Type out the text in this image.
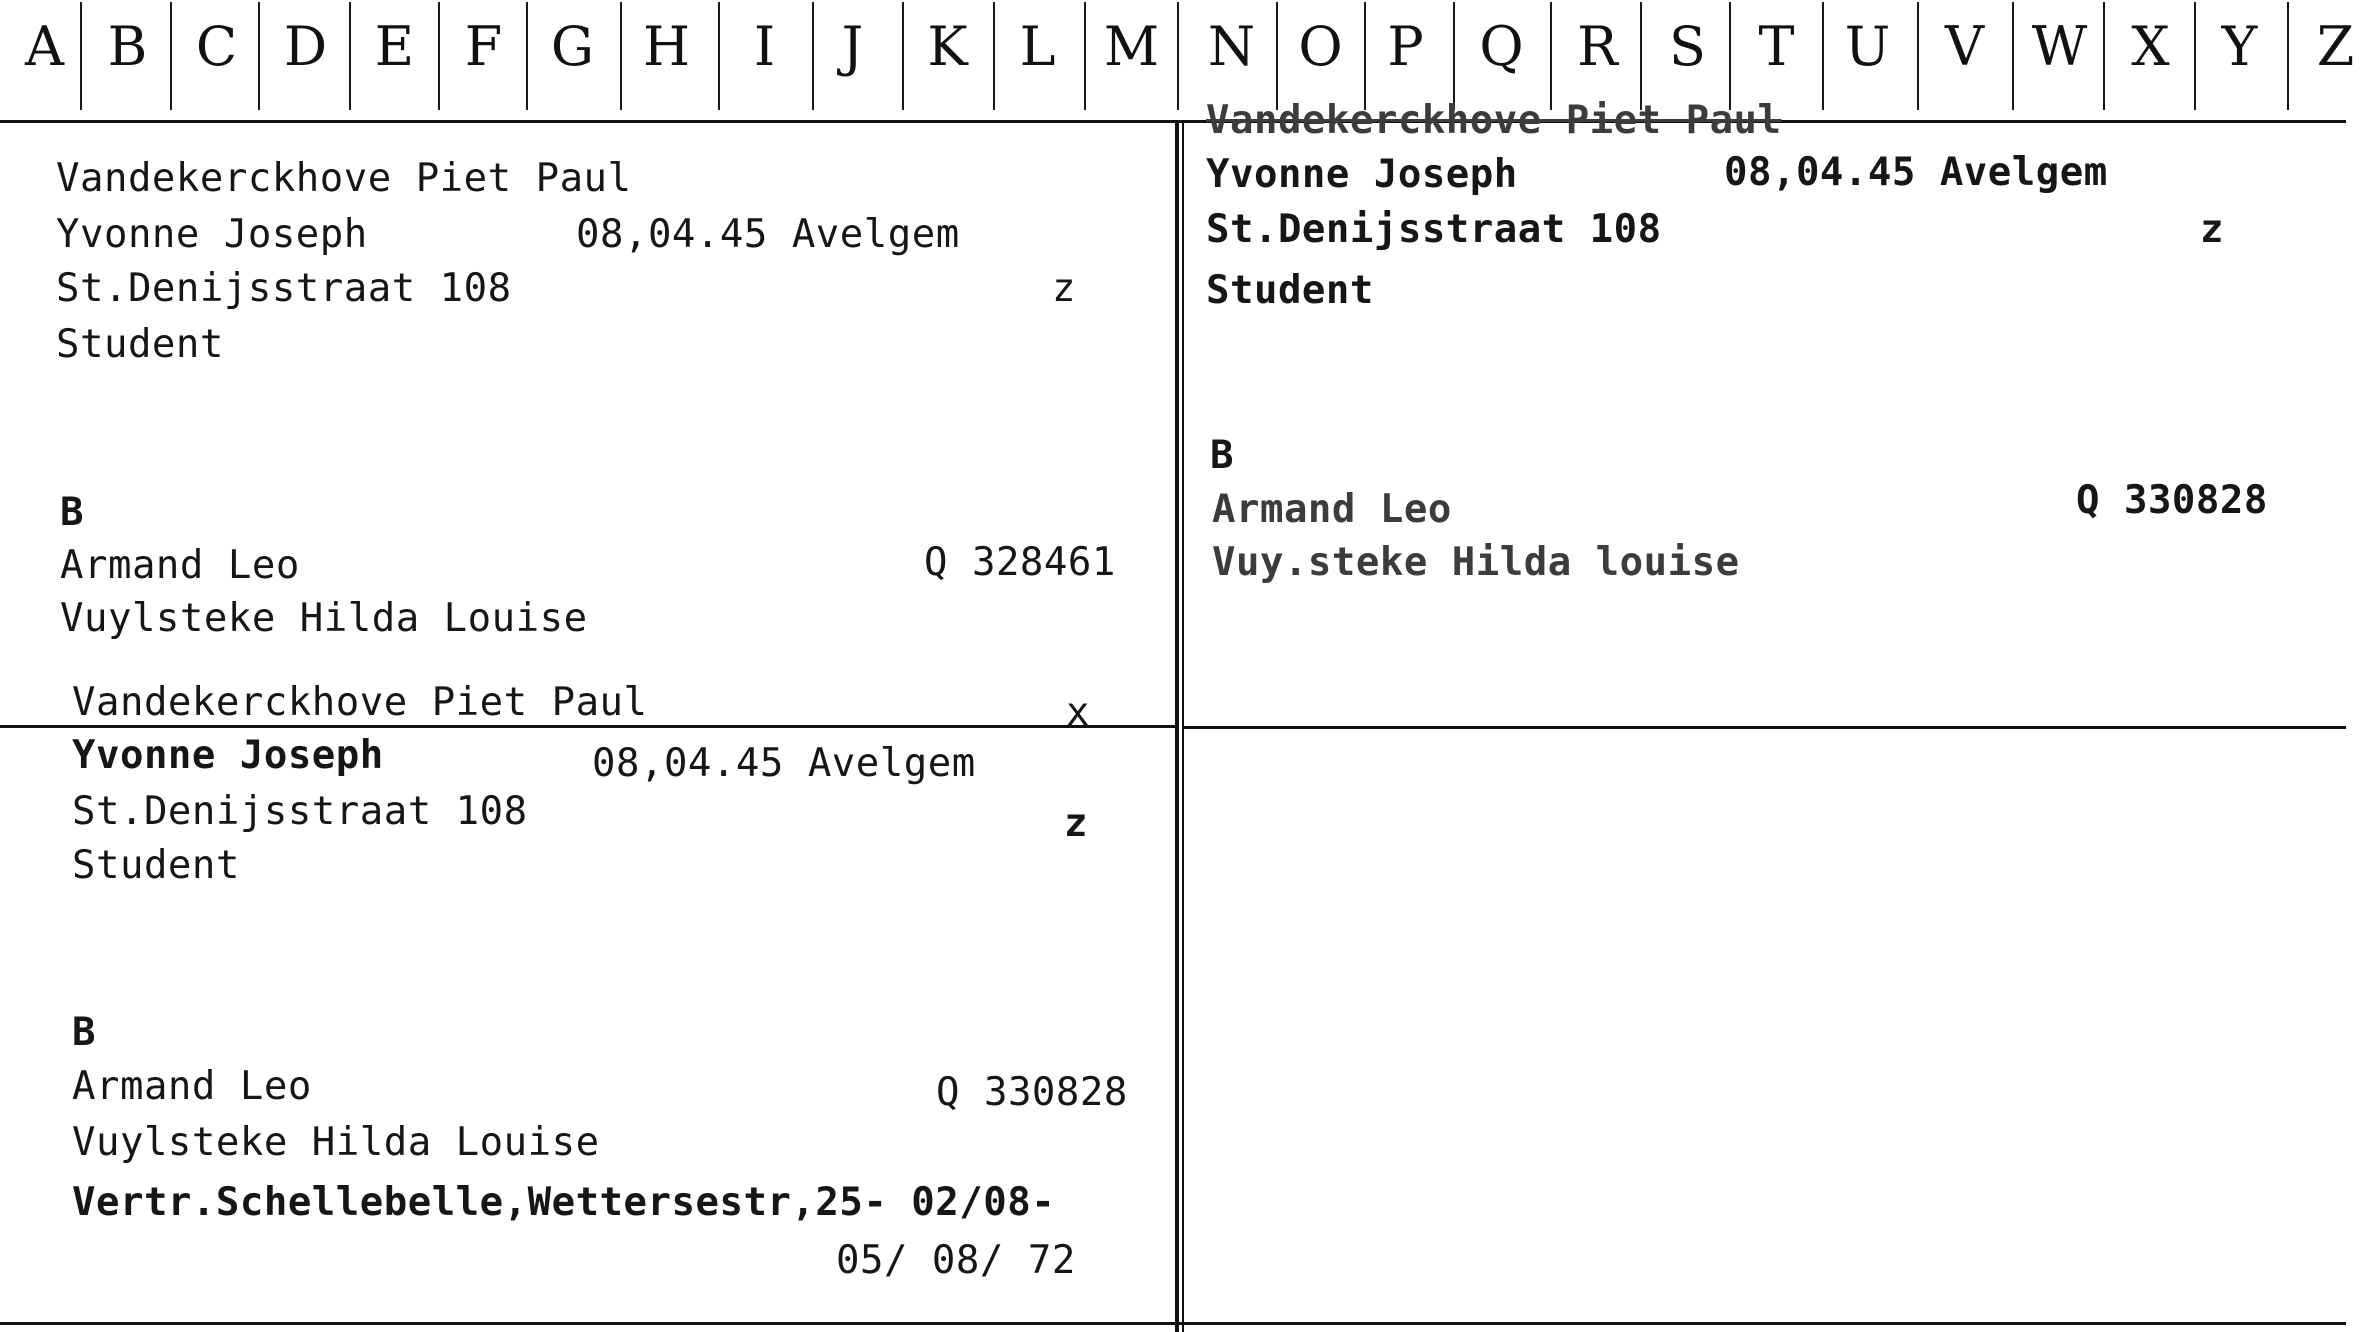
A B C D E F G H	I	J	K L M N O P	Q R S T U	V W X Y	Z
Vandekerckhove Piet Paul
Yvonne Joseph	08,04.45 Avelgem
St.Denijsstraat 108	z
Student
B
Armand Leo	Q 328461
Vuylsteke Hilda Louise
Vandekerckhove Piet Paul
Yvonne Joseph	08,04.45 Avelgem
St.Denijsstraat 108	z
Student
B
Armand Leo	Q 330828
Vuy.steke Hilda louise
Vandekerckhove Piet Paul	x
Yvonne Joseph	08,04.45 Avelgem
St.Denijsstraat 108	z
Student
B
Armand Leo	Q 330828
Vuylsteke Hilda Louise
Vertr.Schellebelle,Wettersestr,25- 02/08-
05/ 08/ 72
